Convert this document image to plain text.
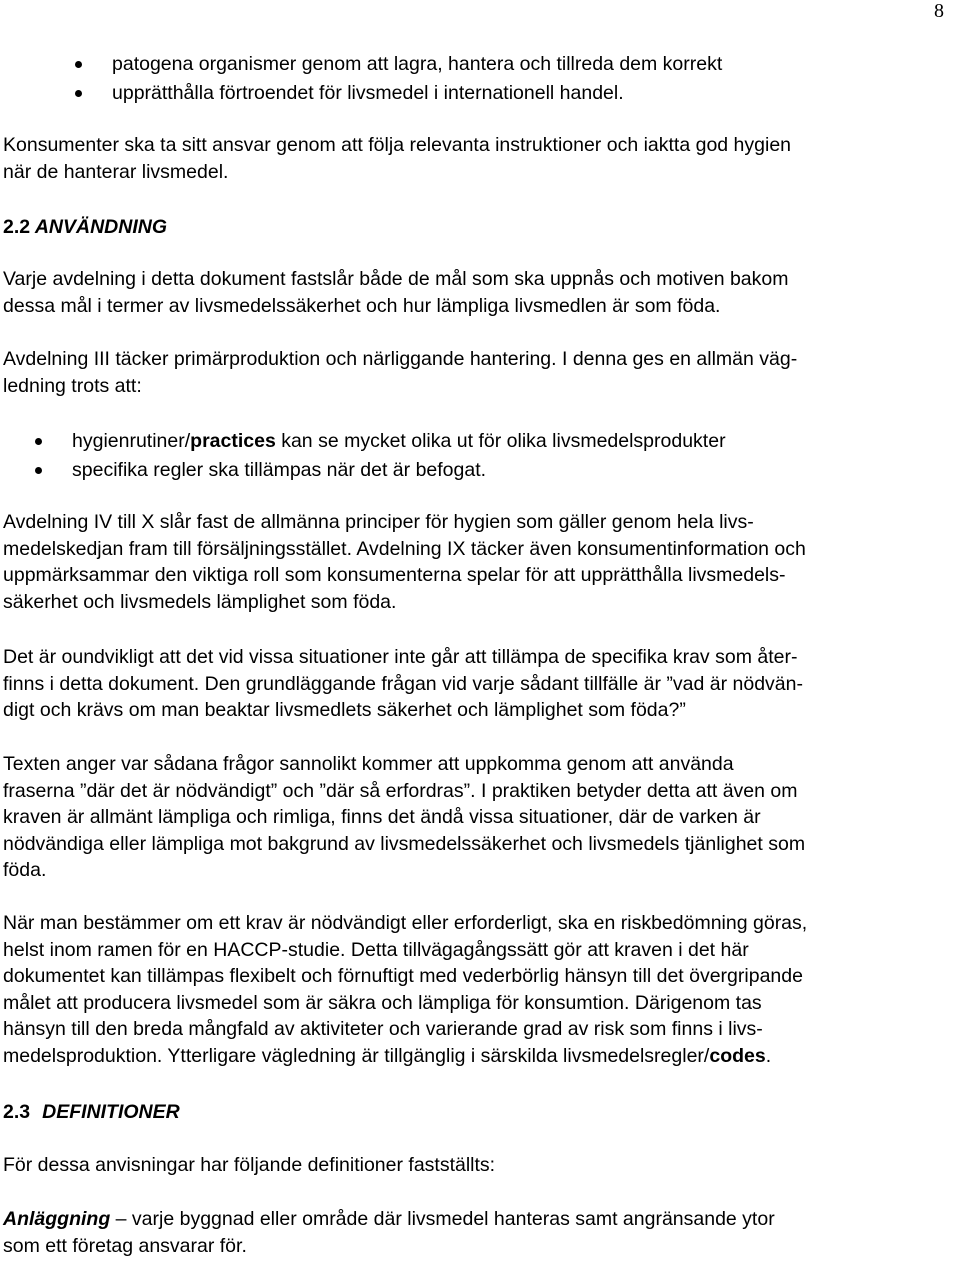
8
patogena organismer genom att lagra, hantera och tillreda dem korrekt
upprätthålla förtroendet för livsmedel i internationell handel.

Konsumenter ska ta sitt ansvar genom att följa relevanta instruktioner och iaktta god hygien
när de hanterar livsmedel.

2.2 ANVÄNDNING

Varje avdelning i detta dokument fastslår både de mål som ska uppnås och motiven bakom
dessa mål i termer av livsmedelssäkerhet och hur lämpliga livsmedlen är som föda.

Avdelning III täcker primärproduktion och närliggande hantering. I denna ges en allmän väg-
ledning trots att:

hygienrutiner/practices kan se mycket olika ut för olika livsmedelsprodukter
specifika regler ska tillämpas när det är befogat.

Avdelning IV till X slår fast de allmänna principer för hygien som gäller genom hela livs-
medelskedjan fram till försäljningsstället. Avdelning IX täcker även konsumentinformation och
uppmärksammar den viktiga roll som konsumenterna spelar för att upprätthålla livsmedels-
säkerhet och livsmedels lämplighet som föda.

Det är oundvikligt att det vid vissa situationer inte går att tillämpa de specifika krav som åter-
finns i detta dokument. Den grundläggande frågan vid varje sådant tillfälle är ”vad är nödvän-
digt och krävs om man beaktar livsmedlets säkerhet och lämplighet som föda?”

Texten anger var sådana frågor sannolikt kommer att uppkomma genom att använda
fraserna ”där det är nödvändigt” och ”där så erfordras”. I praktiken betyder detta att även om
kraven är allmänt lämpliga och rimliga, finns det ändå vissa situationer, där de varken är
nödvändiga eller lämpliga mot bakgrund av livsmedelssäkerhet och livsmedels tjänlighet som
föda.

När man bestämmer om ett krav är nödvändigt eller erforderligt, ska en riskbedömning göras,
helst inom ramen för en HACCP-studie. Detta tillvägagångssätt gör att kraven i det här
dokumentet kan tillämpas flexibelt och förnuftigt med vederbörlig hänsyn till det övergripande
målet att producera livsmedel som är säkra och lämpliga för konsumtion. Därigenom tas
hänsyn till den breda mångfald av aktiviteter och varierande grad av risk som finns i livs-
medelsproduktion. Ytterligare vägledning är tillgänglig i särskilda livsmedelsregler/codes.

2.3 DEFINITIONER

För dessa anvisningar har följande definitioner fastställts:

Anläggning – varje byggnad eller område där livsmedel hanteras samt angränsande ytor
som ett företag ansvarar för.
